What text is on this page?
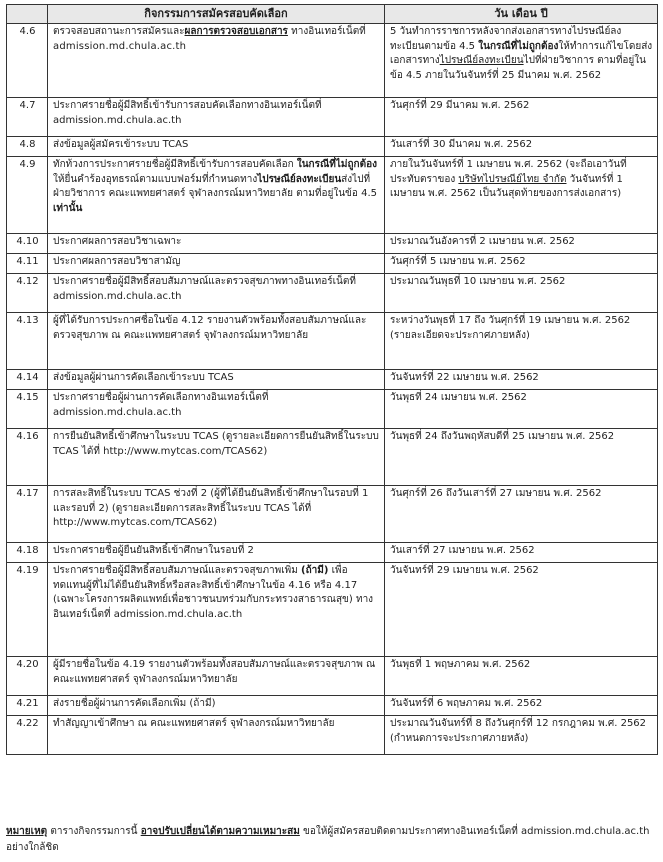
	กิจกรรมการสมัครสอบคัดเลือก	วัน เดือน ปี
4.6	ตรวจสอบสถานะการสมัครและผลการตรวจสอบเอกสาร ทางอินเทอร์เน็ตที่ admission.md.chula.ac.th	5 วันทำการราชการหลังจากส่งเอกสารทางไปรษณีย์ลงทะเบียนตามข้อ 4.5 ในกรณีที่ไม่ถูกต้องให้ทำการแก้ไขโดยส่งเอกสารทางไปรษณีย์ลงทะเบียนไปที่ฝ่ายวิชาการ ตามที่อยู่ในข้อ 4.5 ภายในวันจันทร์ที่ 25 มีนาคม พ.ศ. 2562
4.7	ประกาศรายชื่อผู้มีสิทธิ์เข้ารับการสอบคัดเลือกทางอินเทอร์เน็ตที่ admission.md.chula.ac.th	วันศุกร์ที่ 29 มีนาคม พ.ศ. 2562
4.8	ส่งข้อมูลผู้สมัครเข้าระบบ TCAS	วันเสาร์ที่ 30 มีนาคม พ.ศ. 2562
4.9	ทักท้วงการประกาศรายชื่อผู้มีสิทธิ์เข้ารับการสอบคัดเลือก ในกรณีที่ไม่ถูกต้องให้ยื่นคำร้องอุทธรณ์ตามแบบฟอร์มที่กำหนดทางไปรษณีย์ลงทะเบียนส่งไปที่ฝ่ายวิชาการ คณะแพทยศาสตร์ จุฬาลงกรณ์มหาวิทยาลัย ตามที่อยู่ในข้อ 4.5 เท่านั้น	ภายในวันจันทร์ที่ 1 เมษายน พ.ศ. 2562 (จะถือเอาวันที่ประทับตราของ บริษัทไปรษณีย์ไทย จำกัด วันจันทร์ที่ 1 เมษายน พ.ศ. 2562 เป็นวันสุดท้ายของการส่งเอกสาร)
4.10	ประกาศผลการสอบวิชาเฉพาะ	ประมาณวันอังคารที่ 2 เมษายน พ.ศ. 2562
4.11	ประกาศผลการสอบวิชาสามัญ	วันศุกร์ที่ 5 เมษายน พ.ศ. 2562
4.12	ประกาศรายชื่อผู้มีสิทธิ์สอบสัมภาษณ์และตรวจสุขภาพทางอินเทอร์เน็ตที่ admission.md.chula.ac.th	ประมาณวันพุธที่ 10 เมษายน พ.ศ. 2562
4.13	ผู้ที่ได้รับการประกาศชื่อในข้อ 4.12 รายงานตัวพร้อมทั้งสอบสัมภาษณ์และตรวจสุขภาพ ณ คณะแพทยศาสตร์ จุฬาลงกรณ์มหาวิทยาลัย	ระหว่างวันพุธที่ 17 ถึง วันศุกร์ที่ 19 เมษายน พ.ศ. 2562 (รายละเอียดจะประกาศภายหลัง)
4.14	ส่งข้อมูลผู้ผ่านการคัดเลือกเข้าระบบ TCAS	วันจันทร์ที่ 22 เมษายน พ.ศ. 2562
4.15	ประกาศรายชื่อผู้ผ่านการคัดเลือกทางอินเทอร์เน็ตที่ admission.md.chula.ac.th	วันพุธที่ 24 เมษายน พ.ศ. 2562
4.16	การยืนยันสิทธิ์เข้าศึกษาในระบบ TCAS (ดูรายละเอียดการยืนยันสิทธิ์ในระบบ TCAS ได้ที่ http://www.mytcas.com/TCAS62)	วันพุธที่ 24 ถึงวันพฤหัสบดีที่ 25 เมษายน พ.ศ. 2562
4.17	การสละสิทธิ์ในระบบ TCAS ช่วงที่ 2 (ผู้ที่ได้ยืนยันสิทธิ์เข้าศึกษาในรอบที่ 1 และรอบที่ 2) (ดูรายละเอียดการสละสิทธิ์ในระบบ TCAS ได้ที่ http://www.mytcas.com/TCAS62)	วันศุกร์ที่ 26 ถึงวันเสาร์ที่ 27 เมษายน พ.ศ. 2562
4.18	ประกาศรายชื่อผู้ยืนยันสิทธิ์เข้าศึกษาในรอบที่ 2	วันเสาร์ที่ 27 เมษายน พ.ศ. 2562
4.19	ประกาศรายชื่อผู้มีสิทธิ์สอบสัมภาษณ์และตรวจสุขภาพเพิ่ม (ถ้ามี) เพื่อทดแทนผู้ที่ไม่ได้ยืนยันสิทธิ์หรือสละสิทธิ์เข้าศึกษาในข้อ 4.16 หรือ 4.17 (เฉพาะโครงการผลิตแพทย์เพื่อชาวชนบทร่วมกับกระทรวงสาธารณสุข) ทางอินเทอร์เน็ตที่ admission.md.chula.ac.th	วันจันทร์ที่ 29 เมษายน พ.ศ. 2562
4.20	ผู้มีรายชื่อในข้อ 4.19 รายงานตัวพร้อมทั้งสอบสัมภาษณ์และตรวจสุขภาพ ณ คณะแพทยศาสตร์ จุฬาลงกรณ์มหาวิทยาลัย	วันพุธที่ 1 พฤษภาคม พ.ศ. 2562
4.21	ส่งรายชื่อผู้ผ่านการคัดเลือกเพิ่ม (ถ้ามี)	วันจันทร์ที่ 6 พฤษภาคม พ.ศ. 2562
4.22	ทำสัญญาเข้าศึกษา ณ คณะแพทยศาสตร์ จุฬาลงกรณ์มหาวิทยาลัย	ประมาณวันจันทร์ที่ 8 ถึงวันศุกร์ที่ 12 กรกฎาคม พ.ศ. 2562 (กำหนดการจะประกาศภายหลัง)
หมายเหตุ ตารางกิจกรรมการนี้ อาจปรับเปลี่ยนได้ตามความเหมาะสม ขอให้ผู้สมัครสอบติดตามประกาศทางอินเทอร์เน็ตที่ admission.md.chula.ac.th อย่างใกล้ชิด
